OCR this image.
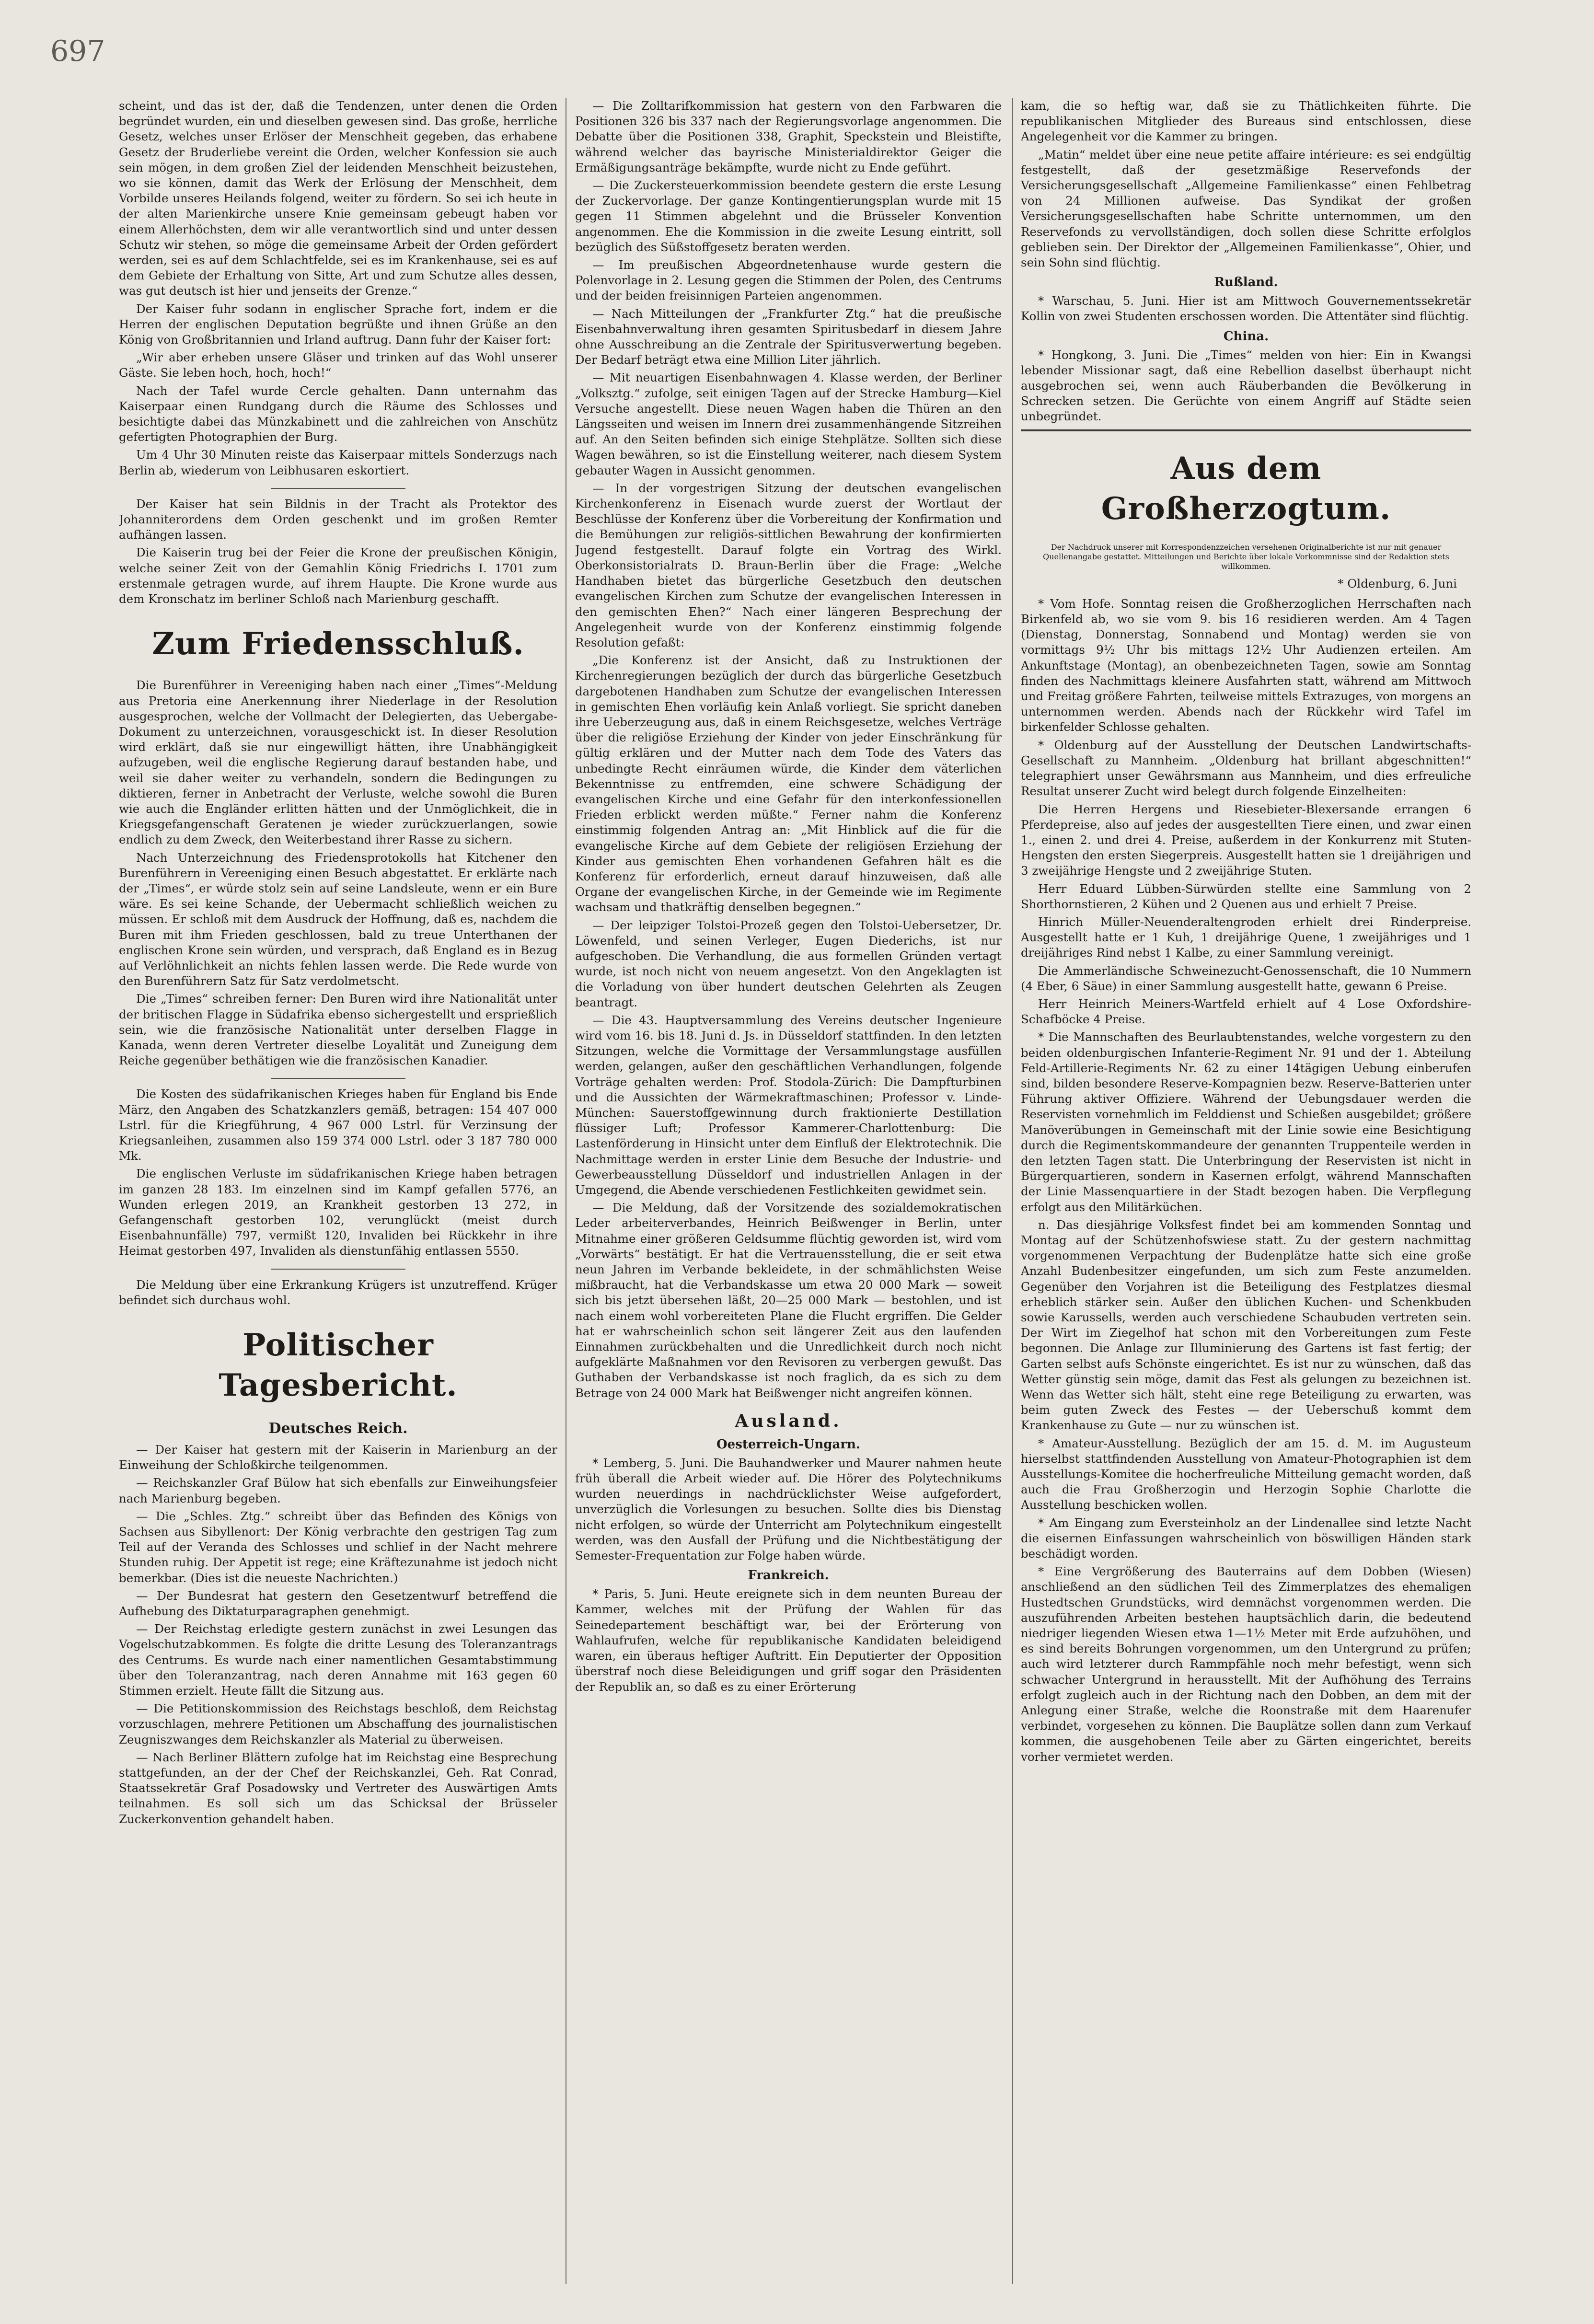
697

scheint, und das ist der, daß die Tendenzen, unter denen die Orden begründet wurden, ein und dieselben gewesen sind. Das große, herrliche Gesetz, welches unser Erlöser der Menschheit gegeben, das erhabene Gesetz der Bruderliebe vereint die Orden, welcher Konfession sie auch sein mögen, in dem großen Ziel der leidenden Menschheit beizustehen, wo sie können, damit das Werk der Erlösung der Menschheit, dem Vorbilde unseres Heilands folgend, weiter zu fördern. So sei ich heute in der alten Marienkirche unsere Knie gemeinsam gebeugt haben vor einem Allerhöchsten, dem wir alle verantwortlich sind und unter dessen Schutz wir stehen, so möge die gemeinsame Arbeit der Orden gefördert werden, sei es auf dem Schlachtfelde, sei es im Krankenhause, sei es auf dem Gebiete der Erhaltung von Sitte, Art und zum Schutze alles dessen, was gut deutsch ist hier und jenseits der Grenze.“

Der Kaiser fuhr sodann in englischer Sprache fort, indem er die Herren der englischen Deputation begrüßte und ihnen Grüße an den König von Großbritannien und Irland auftrug. Dann fuhr der Kaiser fort:

„Wir aber erheben unsere Gläser und trinken auf das Wohl unserer Gäste. Sie leben hoch, hoch, hoch!“

Nach der Tafel wurde Cercle gehalten. Dann unternahm das Kaiserpaar einen Rundgang durch die Räume des Schlosses und besichtigte dabei das Münzkabinett und die zahlreichen von Anschütz gefertigten Photographien der Burg.

Um 4 Uhr 30 Minuten reiste das Kaiserpaar mittels Sonderzugs nach Berlin ab, wiederum von Leibhusaren eskortiert.

Der Kaiser hat sein Bildnis in der Tracht als Protektor des Johanniterordens dem Orden geschenkt und im großen Remter aufhängen lassen.

Die Kaiserin trug bei der Feier die Krone der preußischen Königin, welche seiner Zeit von der Gemahlin König Friedrichs I. 1701 zum erstenmale getragen wurde, auf ihrem Haupte. Die Krone wurde aus dem Kronschatz im berliner Schloß nach Marienburg geschafft.

Zum Friedensschluß.

Die Burenführer in Vereeniging haben nach einer „Times“-Meldung aus Pretoria eine Anerkennung ihrer Niederlage in der Resolution ausgesprochen, welche der Vollmacht der Delegierten, das Uebergabe-Dokument zu unterzeichnen, vorausgeschickt ist. In dieser Resolution wird erklärt, daß sie nur eingewilligt hätten, ihre Unabhängigkeit aufzugeben, weil die englische Regierung darauf bestanden habe, und weil sie daher weiter zu verhandeln, sondern die Bedingungen zu diktieren, ferner in Anbetracht der Verluste, welche sowohl die Buren wie auch die Engländer erlitten hätten und der Unmöglichkeit, die in Kriegsgefangenschaft Geratenen je wieder zurückzuerlangen, sowie endlich zu dem Zweck, den Weiterbestand ihrer Rasse zu sichern.

Nach Unterzeichnung des Friedensprotokolls hat Kitchener den Burenführern in Vereeniging einen Besuch abgestattet. Er erklärte nach der „Times“, er würde stolz sein auf seine Landsleute, wenn er ein Bure wäre. Es sei keine Schande, der Uebermacht schließlich weichen zu müssen. Er schloß mit dem Ausdruck der Hoffnung, daß es, nachdem die Buren mit ihm Frieden geschlossen, bald zu treue Unterthanen der englischen Krone sein würden, und versprach, daß England es in Bezug auf Verlöhnlichkeit an nichts fehlen lassen werde. Die Rede wurde von den Burenführern Satz für Satz verdolmetscht.

Die „Times“ schreiben ferner: Den Buren wird ihre Nationalität unter der britischen Flagge in Südafrika ebenso sichergestellt und ersprießlich sein, wie die französische Nationalität unter derselben Flagge in Kanada, wenn deren Vertreter dieselbe Loyalität und Zuneigung dem Reiche gegenüber bethätigen wie die französischen Kanadier.

Die Kosten des südafrikanischen Krieges haben für England bis Ende März, den Angaben des Schatzkanzlers gemäß, betragen: 154 407 000 Lstrl. für die Kriegführung, 4 967 000 Lstrl. für Verzinsung der Kriegsanleihen, zusammen also 159 374 000 Lstrl. oder 3 187 780 000 Mk.

Die englischen Verluste im südafrikanischen Kriege haben betragen im ganzen 28 183. Im einzelnen sind im Kampf gefallen 5776, an Wunden erlegen 2019, an Krankheit gestorben 13 272, in Gefangenschaft gestorben 102, verunglückt (meist durch Eisenbahnunfälle) 797, vermißt 120, Invaliden bei Rückkehr in ihre Heimat gestorben 497, Invaliden als dienstunfähig entlassen 5550.

Die Meldung über eine Erkrankung Krügers ist unzutreffend. Krüger befindet sich durchaus wohl.

Politischer Tagesbericht.
Deutsches Reich.

— Der Kaiser hat gestern mit der Kaiserin in Marienburg an der Einweihung der Schloßkirche teilgenommen.

— Reichskanzler Graf Bülow hat sich ebenfalls zur Einweihungsfeier nach Marienburg begeben.

— Die „Schles. Ztg.“ schreibt über das Befinden des Königs von Sachsen aus Sibyllenort: Der König verbrachte den gestrigen Tag zum Teil auf der Veranda des Schlosses und schlief in der Nacht mehrere Stunden ruhig. Der Appetit ist rege; eine Kräftezunahme ist jedoch nicht bemerkbar. (Dies ist die neueste Nachrichten.)

— Der Bundesrat hat gestern den Gesetzentwurf betreffend die Aufhebung des Diktaturparagraphen genehmigt.

— Der Reichstag erledigte gestern zunächst in zwei Lesungen das Vogelschutzabkommen. Es folgte die dritte Lesung des Toleranzantrags des Centrums. Es wurde nach einer namentlichen Gesamtabstimmung über den Toleranzantrag, nach deren Annahme mit 163 gegen 60 Stimmen erzielt. Heute fällt die Sitzung aus.

— Die Petitionskommission des Reichstags beschloß, dem Reichstag vorzuschlagen, mehrere Petitionen um Abschaffung des journalistischen Zeugniszwanges dem Reichskanzler als Material zu überweisen.

— Nach Berliner Blättern zufolge hat im Reichstag eine Besprechung stattgefunden, an der der Chef der Reichskanzlei, Geh. Rat Conrad, Staatssekretär Graf Posadowsky und Vertreter des Auswärtigen Amts teilnahmen. Es soll sich um das Schicksal der Brüsseler Zuckerkonvention gehandelt haben.

— Die Zolltarifkommission hat gestern von den Farbwaren die Positionen 326 bis 337 nach der Regierungsvorlage angenommen. Die Debatte über die Positionen 338, Graphit, Speckstein und Bleistifte, während welcher das bayrische Ministerialdirektor Geiger die Ermäßigungsanträge bekämpfte, wurde nicht zu Ende geführt.

— Die Zuckersteuerkommission beendete gestern die erste Lesung der Zuckervorlage. Der ganze Kontingentierungsplan wurde mit 15 gegen 11 Stimmen abgelehnt und die Brüsseler Konvention angenommen. Ehe die Kommission in die zweite Lesung eintritt, soll bezüglich des Süßstoffgesetz beraten werden.

— Im preußischen Abgeordnetenhause wurde gestern die Polenvorlage in 2. Lesung gegen die Stimmen der Polen, des Centrums und der beiden freisinnigen Parteien angenommen.

— Nach Mitteilungen der „Frankfurter Ztg.“ hat die preußische Eisenbahnverwaltung ihren gesamten Spiritusbedarf in diesem Jahre ohne Ausschreibung an die Zentrale der Spiritusverwertung begeben. Der Bedarf beträgt etwa eine Million Liter jährlich.

— Mit neuartigen Eisenbahnwagen 4. Klasse werden, der Berliner „Volksztg.“ zufolge, seit einigen Tagen auf der Strecke Hamburg—Kiel Versuche angestellt. Diese neuen Wagen haben die Thüren an den Längsseiten und weisen im Innern drei zusammenhängende Sitzreihen auf. An den Seiten befinden sich einige Stehplätze. Sollten sich diese Wagen bewähren, so ist die Einstellung weiterer, nach diesem System gebauter Wagen in Aussicht genommen.

— In der vorgestrigen Sitzung der deutschen evangelischen Kirchenkonferenz in Eisenach wurde zuerst der Wortlaut der Beschlüsse der Konferenz über die Vorbereitung der Konfirmation und die Bemühungen zur religiös-sittlichen Bewahrung der konfirmierten Jugend festgestellt. Darauf folgte ein Vortrag des Wirkl. Oberkonsistorialrats D. Braun-Berlin über die Frage: „Welche Handhaben bietet das bürgerliche Gesetzbuch den deutschen evangelischen Kirchen zum Schutze der evangelischen Interessen in den gemischten Ehen?“ Nach einer längeren Besprechung der Angelegenheit wurde von der Konferenz einstimmig folgende Resolution gefaßt:

„Die Konferenz ist der Ansicht, daß zu Instruktionen der Kirchenregierungen bezüglich der durch das bürgerliche Gesetzbuch dargebotenen Handhaben zum Schutze der evangelischen Interessen in gemischten Ehen vorläufig kein Anlaß vorliegt. Sie spricht daneben ihre Ueberzeugung aus, daß in einem Reichsgesetze, welches Verträge über die religiöse Erziehung der Kinder von jeder Einschränkung für gültig erklären und der Mutter nach dem Tode des Vaters das unbedingte Recht einräumen würde, die Kinder dem väterlichen Bekenntnisse zu entfremden, eine schwere Schädigung der evangelischen Kirche und eine Gefahr für den interkonfessionellen Frieden erblickt werden müßte.“ Ferner nahm die Konferenz einstimmig folgenden Antrag an: „Mit Hinblick auf die für die evangelische Kirche auf dem Gebiete der religiösen Erziehung der Kinder aus gemischten Ehen vorhandenen Gefahren hält es die Konferenz für erforderlich, erneut darauf hinzuweisen, daß alle Organe der evangelischen Kirche, in der Gemeinde wie im Regimente wachsam und thatkräftig denselben begegnen.“

— Der leipziger Tolstoi-Prozeß gegen den Tolstoi-Uebersetzer, Dr. Löwenfeld, und seinen Verleger, Eugen Diederichs, ist nur aufgeschoben. Die Verhandlung, die aus formellen Gründen vertagt wurde, ist noch nicht von neuem angesetzt. Von den Angeklagten ist die Vorladung von über hundert deutschen Gelehrten als Zeugen beantragt.

— Die 43. Hauptversammlung des Vereins deutscher Ingenieure wird vom 16. bis 18. Juni d. Js. in Düsseldorf stattfinden. In den letzten Sitzungen, welche die Vormittage der Versammlungstage ausfüllen werden, gelangen, außer den geschäftlichen Verhandlungen, folgende Vorträge gehalten werden: Prof. Stodola-Zürich: Die Dampfturbinen und die Aussichten der Wärmekraftmaschinen; Professor v. Linde-München: Sauerstoffgewinnung durch fraktionierte Destillation flüssiger Luft; Professor Kammerer-Charlottenburg: Die Lastenförderung in Hinsicht unter dem Einfluß der Elektrotechnik. Die Nachmittage werden in erster Linie dem Besuche der Industrie- und Gewerbeausstellung Düsseldorf und industriellen Anlagen in der Umgegend, die Abende verschiedenen Festlichkeiten gewidmet sein.

— Die Meldung, daß der Vorsitzende des sozialdemokratischen Leder arbeiterverbandes, Heinrich Beißwenger in Berlin, unter Mitnahme einer größeren Geldsumme flüchtig geworden ist, wird vom „Vorwärts“ bestätigt. Er hat die Vertrauensstellung, die er seit etwa neun Jahren im Verbande bekleidete, in der schmählichsten Weise mißbraucht, hat die Verbandskasse um etwa 20 000 Mark — soweit sich bis jetzt übersehen läßt, 20—25 000 Mark — bestohlen, und ist nach einem wohl vorbereiteten Plane die Flucht ergriffen. Die Gelder hat er wahrscheinlich schon seit längerer Zeit aus den laufenden Einnahmen zurückbehalten und die Unredlichkeit durch noch nicht aufgeklärte Maßnahmen vor den Revisoren zu verbergen gewußt. Das Guthaben der Verbandskasse ist noch fraglich, da es sich zu dem Betrage von 24 000 Mark hat Beißwenger nicht angreifen können.

Ausland.
Oesterreich-Ungarn.

* Lemberg, 5. Juni. Die Bauhandwerker und Maurer nahmen heute früh überall die Arbeit wieder auf. Die Hörer des Polytechnikums wurden neuerdings in nachdrücklichster Weise aufgefordert, unverzüglich die Vorlesungen zu besuchen. Sollte dies bis Dienstag nicht erfolgen, so würde der Unterricht am Polytechnikum eingestellt werden, was den Ausfall der Prüfung und die Nichtbestätigung der Semester-Frequentation zur Folge haben würde.

Frankreich.

* Paris, 5. Juni. Heute ereignete sich in dem neunten Bureau der Kammer, welches mit der Prüfung der Wahlen für das Seinedepartement beschäftigt war, bei der Erörterung von Wahlaufrufen, welche für republikanische Kandidaten beleidigend waren, ein überaus heftiger Auftritt. Ein Deputierter der Opposition überstraf noch diese Beleidigungen und griff sogar den Präsidenten der Republik an, so daß es zu einer Erörterung

kam, die so heftig war, daß sie zu Thätlichkeiten führte. Die republikanischen Mitglieder des Bureaus sind entschlossen, diese Angelegenheit vor die Kammer zu bringen.

„Matin“ meldet über eine neue petite affaire intérieure: es sei endgültig festgestellt, daß der gesetzmäßige Reservefonds der Versicherungsgesellschaft „Allgemeine Familienkasse“ einen Fehlbetrag von 24 Millionen aufweise. Das Syndikat der großen Versicherungsgesellschaften habe Schritte unternommen, um den Reservefonds zu vervollständigen, doch sollen diese Schritte erfolglos geblieben sein. Der Direktor der „Allgemeinen Familienkasse“, Ohier, und sein Sohn sind flüchtig.

Rußland.

* Warschau, 5. Juni. Hier ist am Mittwoch Gouvernementssekretär Kollin von zwei Studenten erschossen worden. Die Attentäter sind flüchtig.

China.

* Hongkong, 3. Juni. Die „Times“ melden von hier: Ein in Kwangsi lebender Missionar sagt, daß eine Rebellion daselbst überhaupt nicht ausgebrochen sei, wenn auch Räuberbanden die Bevölkerung in Schrecken setzen. Die Gerüchte von einem Angriff auf Städte seien unbegründet.

Aus dem Großherzogtum.
Der Nachdruck unserer mit Korrespondenzzeichen versehenen Originalberichte ist nur mit genauer Quellenangabe gestattet. Mitteilungen und Berichte über lokale Vorkommnisse sind der Redaktion stets willkommen.
* Oldenburg, 6. Juni

* Vom Hofe. Sonntag reisen die Großherzoglichen Herrschaften nach Birkenfeld ab, wo sie vom 9. bis 16 residieren werden. Am 4 Tagen (Dienstag, Donnerstag, Sonnabend und Montag) werden sie von vormittags 9½ Uhr bis mittags 12½ Uhr Audienzen erteilen. Am Ankunftstage (Montag), an obenbezeichneten Tagen, sowie am Sonntag finden des Nachmittags kleinere Ausfahrten statt, während am Mittwoch und Freitag größere Fahrten, teilweise mittels Extrazuges, von morgens an unternommen werden. Abends nach der Rückkehr wird Tafel im birkenfelder Schlosse gehalten.

* Oldenburg auf der Ausstellung der Deutschen Landwirtschafts-Gesellschaft zu Mannheim. „Oldenburg hat brillant abgeschnitten!“ telegraphiert unser Gewährsmann aus Mannheim, und dies erfreuliche Resultat unserer Zucht wird belegt durch folgende Einzelheiten:

Die Herren Hergens und Riesebieter-Blexersande errangen 6 Pferdepreise, also auf jedes der ausgestellten Tiere einen, und zwar einen 1., einen 2. und drei 4. Preise, außerdem in der Konkurrenz mit Stuten-Hengsten den ersten Siegerpreis. Ausgestellt hatten sie 1 dreijährigen und 3 zweijährige Hengste und 2 zweijährige Stuten.

Herr Eduard Lübben-Sürwürden stellte eine Sammlung von 2 Shorthornstieren, 2 Kühen und 2 Quenen aus und erhielt 7 Preise.

Hinrich Müller-Neuenderaltengroden erhielt drei Rinderpreise. Ausgestellt hatte er 1 Kuh, 1 dreijährige Quene, 1 zweijähriges und 1 dreijähriges Rind nebst 1 Kalbe, zu einer Sammlung vereinigt.

Die Ammerländische Schweinezucht-Genossenschaft, die 10 Nummern (4 Eber, 6 Säue) in einer Sammlung ausgestellt hatte, gewann 6 Preise.

Herr Heinrich Meiners-Wartfeld erhielt auf 4 Lose Oxfordshire-Schafböcke 4 Preise.

* Die Mannschaften des Beurlaubtenstandes, welche vorgestern zu den beiden oldenburgischen Infanterie-Regiment Nr. 91 und der 1. Abteilung Feld-Artillerie-Regiments Nr. 62 zu einer 14tägigen Uebung einberufen sind, bilden besondere Reserve-Kompagnien bezw. Reserve-Batterien unter Führung aktiver Offiziere. Während der Uebungsdauer werden die Reservisten vornehmlich im Felddienst und Schießen ausgebildet; größere Manöverübungen in Gemeinschaft mit der Linie sowie eine Besichtigung durch die Regimentskommandeure der genannten Truppenteile werden in den letzten Tagen statt. Die Unterbringung der Reservisten ist nicht in Bürgerquartieren, sondern in Kasernen erfolgt, während Mannschaften der Linie Massenquartiere in der Stadt bezogen haben. Die Verpflegung erfolgt aus den Militärküchen.

n. Das diesjährige Volksfest findet bei am kommenden Sonntag und Montag auf der Schützenhofswiese statt. Zu der gestern nachmittag vorgenommenen Verpachtung der Budenplätze hatte sich eine große Anzahl Budenbesitzer eingefunden, um sich zum Feste anzumelden. Gegenüber den Vorjahren ist die Beteiligung des Festplatzes diesmal erheblich stärker sein. Außer den üblichen Kuchen- und Schenkbuden sowie Karussells, werden auch verschiedene Schaubuden vertreten sein. Der Wirt im Ziegelhof hat schon mit den Vorbereitungen zum Feste begonnen. Die Anlage zur Illuminierung des Gartens ist fast fertig; der Garten selbst aufs Schönste eingerichtet. Es ist nur zu wünschen, daß das Wetter günstig sein möge, damit das Fest als gelungen zu bezeichnen ist. Wenn das Wetter sich hält, steht eine rege Beteiligung zu erwarten, was beim guten Zweck des Festes — der Ueberschuß kommt dem Krankenhause zu Gute — nur zu wünschen ist.

* Amateur-Ausstellung. Bezüglich der am 15. d. M. im Augusteum hierselbst stattfindenden Ausstellung von Amateur-Photographien ist dem Ausstellungs-Komitee die hocherfreuliche Mitteilung gemacht worden, daß auch die Frau Großherzogin und Herzogin Sophie Charlotte die Ausstellung beschicken wollen.

* Am Eingang zum Eversteinholz an der Lindenallee sind letzte Nacht die eisernen Einfassungen wahrscheinlich von böswilligen Händen stark beschädigt worden.

* Eine Vergrößerung des Bauterrains auf dem Dobben (Wiesen) anschließend an den südlichen Teil des Zimmerplatzes des ehemaligen Hustedtschen Grundstücks, wird demnächst vorgenommen werden. Die auszuführenden Arbeiten bestehen hauptsächlich darin, die bedeutend niedriger liegenden Wiesen etwa 1—1½ Meter mit Erde aufzuhöhen, und es sind bereits Bohrungen vorgenommen, um den Untergrund zu prüfen; auch wird letzterer durch Rammpfähle noch mehr befestigt, wenn sich schwacher Untergrund in herausstellt. Mit der Aufhöhung des Terrains erfolgt zugleich auch in der Richtung nach den Dobben, an dem mit der Anlegung einer Straße, welche die Roonstraße mit dem Haarenufer verbindet, vorgesehen zu können. Die Bauplätze sollen dann zum Verkauf kommen, die ausgehobenen Teile aber zu Gärten eingerichtet, bereits vorher vermietet werden.
